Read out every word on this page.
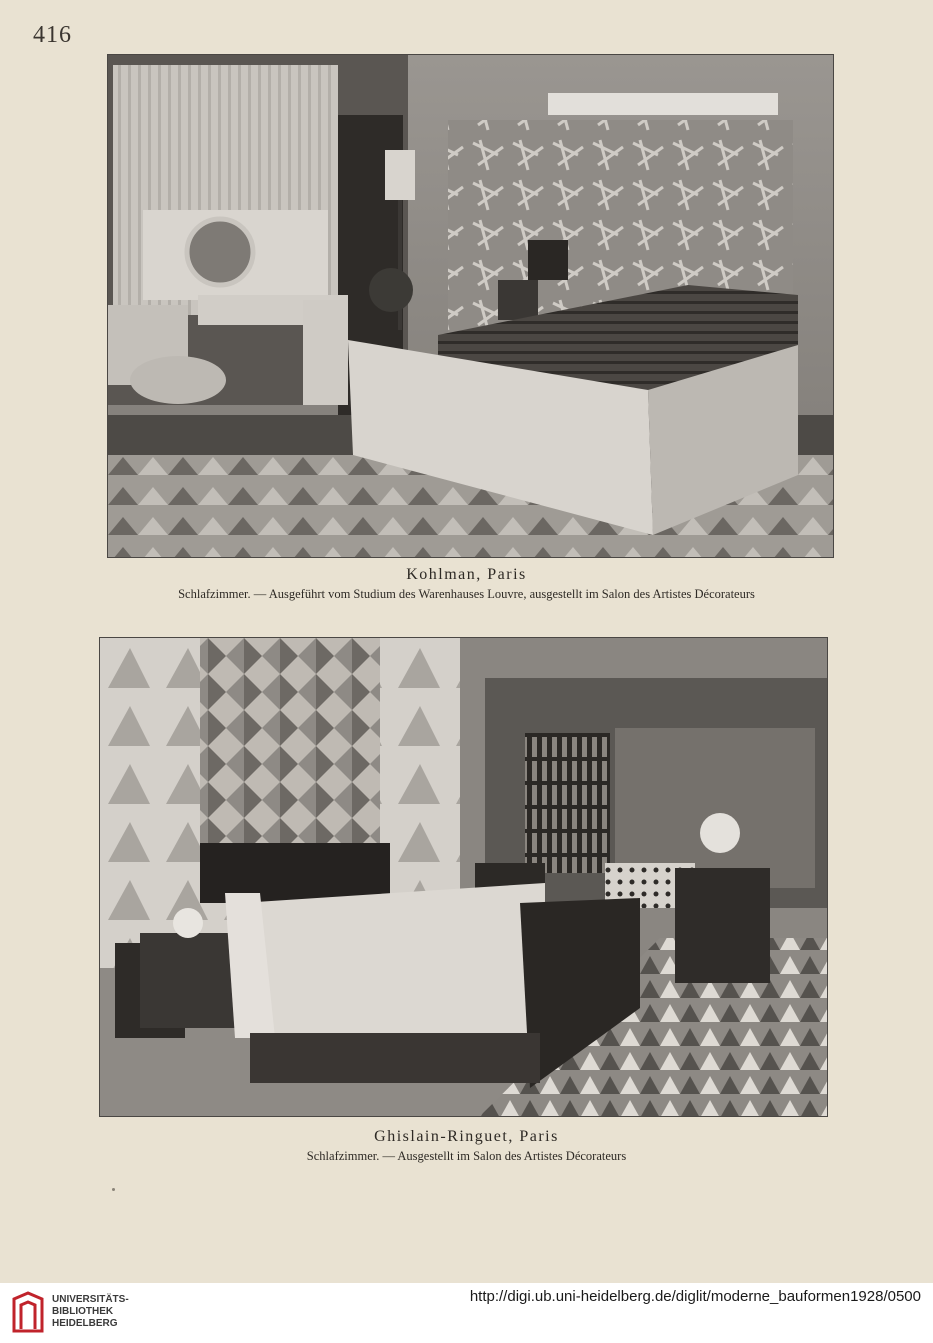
416
Kohlman, Paris
Schlafzimmer. — Ausgeführt vom Studium des Warenhauses Louvre, ausgestellt im Salon des Artistes Décorateurs
Ghislain-Ringuet, Paris
Schlafzimmer. — Ausgestellt im Salon des Artistes Décorateurs
UNIVERSITÄTS-
BIBLIOTHEK
HEIDELBERG
http://digi.ub.uni-heidelberg.de/diglit/moderne_bauformen1928/0500
